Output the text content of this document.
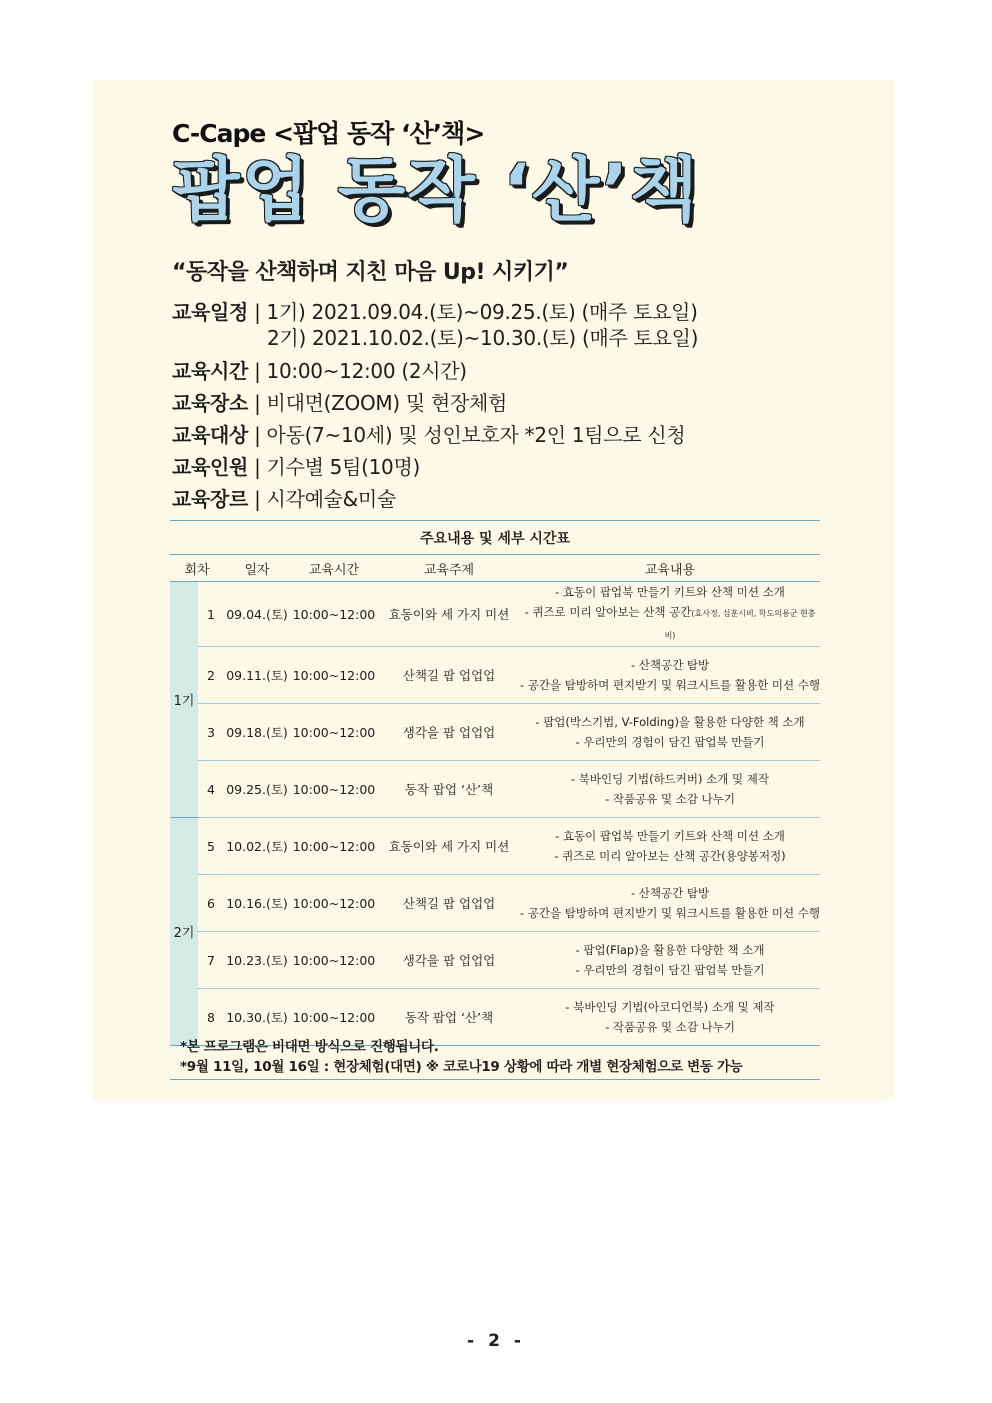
C-Cape <팝업 동작 ‘산’책>
팝업 동작 ‘산’책
“동작을 산책하며 지친 마음 Up! 시키기”
교육일정 | 1기) 2021.09.04.(토)~09.25.(토) (매주 토요일)
2기) 2021.10.02.(토)~10.30.(토) (매주 토요일)
교육시간 | 10:00~12:00 (2시간)
교육장소 | 비대면(ZOOM) 및 현장체험
교육대상 | 아동(7~10세) 및 성인보호자 *2인 1팀으로 신청
교육인원 | 기수별 5팀(10명)
교육장르 | 시각예술&미술
주요내용 및 세부 시간표					
회차		일자	교육시간	교육주제	교육내용
1기	1	09.04.(토)	10:00~12:00	효동이와 세 가지 미션	- 효동이 팝업북 만들기 키트와 산책 미션 소개
- 퀴즈로 미리 알아보는 산책 공간(효사정, 심훈시비, 학도의용군 현충비)

	2	09.11.(토)	10:00~12:00	산책길 팝 업업업	- 산책공간 탐방
- 공간을 탐방하며 편지받기 및 워크시트를 활용한 미션 수행

	3	09.18.(토)	10:00~12:00	생각을 팝 업업업	- 팝업(박스기법, V-Folding)을 활용한 다양한 책 소개
- 우리만의 경험이 담긴 팝업북 만들기

	4	09.25.(토)	10:00~12:00	동작 팝업 ‘산’책	- 북바인딩 기법(하드커버) 소개 및 제작
- 작품공유 및 소감 나누기

2기	5	10.02.(토)	10:00~12:00	효동이와 세 가지 미션	- 효동이 팝업북 만들기 키트와 산책 미션 소개
- 퀴즈로 미리 알아보는 산책 공간(용양봉저정)

	6	10.16.(토)	10:00~12:00	산책길 팝 업업업	- 산책공간 탐방
- 공간을 탐방하며 편지받기 및 워크시트를 활용한 미션 수행

	7	10.23.(토)	10:00~12:00	생각을 팝 업업업	- 팝업(Flap)을 활용한 다양한 책 소개
- 우리만의 경험이 담긴 팝업북 만들기

	8	10.30.(토)	10:00~12:00	동작 팝업 ‘산’책	- 북바인딩 기법(아코디언북) 소개 및 제작
- 작품공유 및 소감 나누기
*본 프로그램은 비대면 방식으로 진행됩니다.
*9월 11일, 10월 16일 : 현장체험(대면) ※ 코로나19 상황에 따라 개별 현장체험으로 변동 가능
- 2 -
